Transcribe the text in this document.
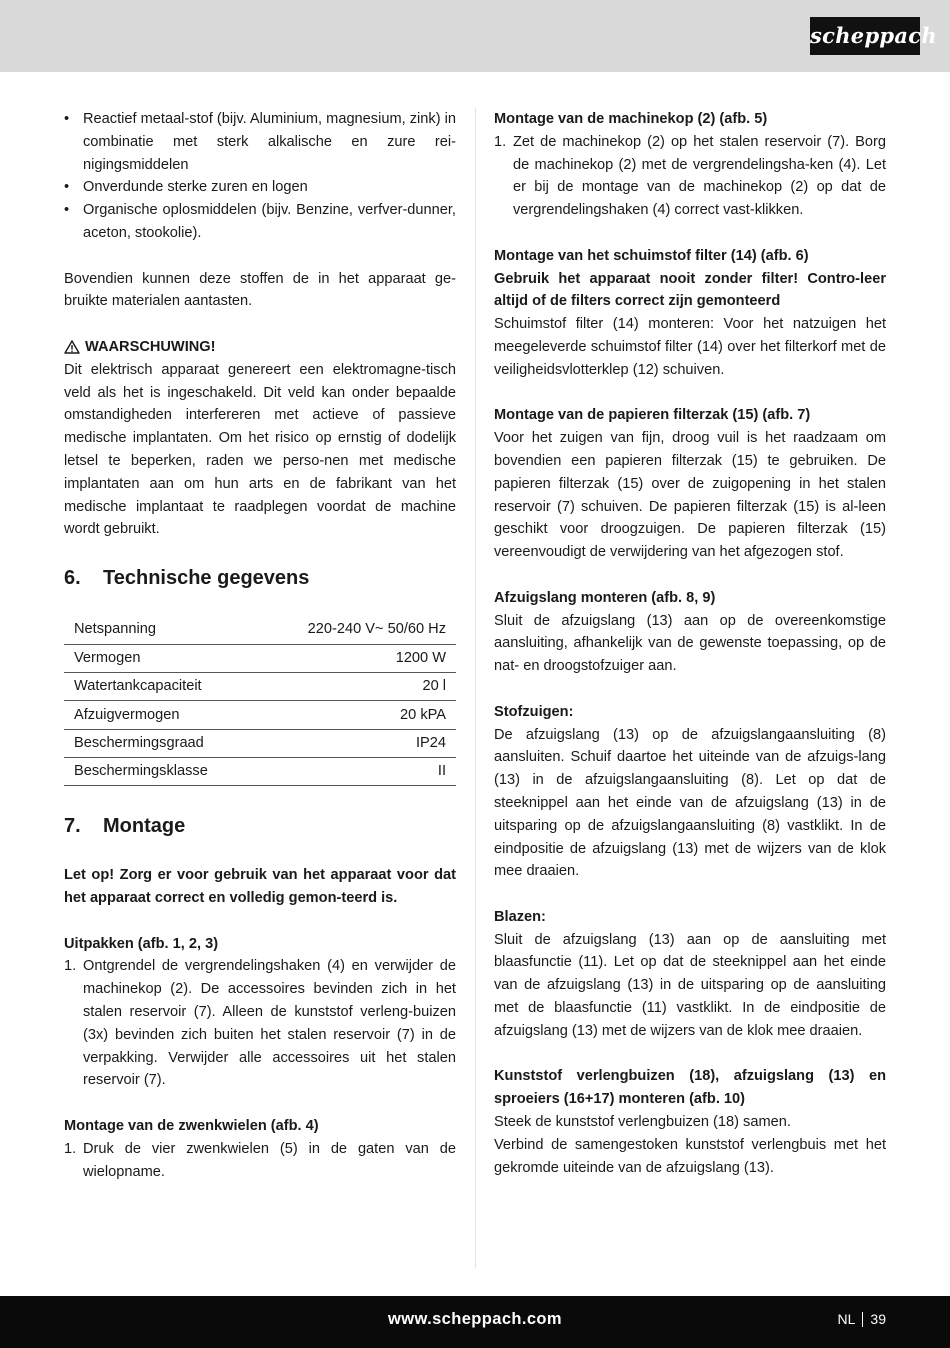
scheppach
• Reactief metaal-stof (bijv. Aluminium, magnesium, zink) in combinatie met sterk alkalische en zure rei-nigingsmiddelen
• Onverdunde sterke zuren en logen
• Organische oplosmiddelen (bijv. Benzine, verfver-dunner, aceton, stookolie).

Bovendien kunnen deze stoffen de in het apparaat ge-bruikte materialen aantasten.

WAARSCHUWING!

Dit elektrisch apparaat genereert een elektromagne-tisch veld als het is ingeschakeld. Dit veld kan onder bepaalde omstandigheden interfereren met actieve of passieve medische implantaten. Om het risico op ernstig of dodelijk letsel te beperken, raden we perso-nen met medische implantaten aan om hun arts en de fabrikant van het medische implantaat te raadplegen voordat de machine wordt gebruikt.

6.	Technische gegevens
Netspanning	220-240 V~ 50/60 Hz
Vermogen	1200 W
Watertankcapaciteit	20 l
Afzuigvermogen	20 kPA
Beschermingsgraad	IP24
Beschermingsklasse	II
7.	Montage

Let op! Zorg er voor gebruik van het apparaat voor dat het apparaat correct en volledig gemon-teerd is.

Uitpakken (afb. 1, 2, 3)
1. Ontgrendel de vergrendelingshaken (4) en verwijder de machinekop (2). De accessoires bevinden zich in het stalen reservoir (7). Alleen de kunststof verleng-buizen (3x) bevinden zich buiten het stalen reservoir (7) in de verpakking. Verwijder alle accessoires uit het stalen reservoir (7).
Montage van de zwenkwielen (afb. 4)
1. Druk de vier zwenkwielen (5) in de gaten van de wielopname.
Montage van de machinekop (2) (afb. 5)
1. Zet de machinekop (2) op het stalen reservoir (7). Borg de machinekop (2) met de vergrendelingsha-ken (4). Let er bij de montage van de machinekop (2) op dat de vergrendelingshaken (4) correct vast-klikken.

Montage van het schuimstof filter (14) (afb. 6)

Gebruik het apparaat nooit zonder filter! Contro-leer altijd of de filters correct zijn gemonteerd

Schuimstof filter (14) monteren: Voor het natzuigen het meegeleverde schuimstof filter (14) over het filterkorf met de veiligheidsvlotterklep (12) schuiven.

Montage van de papieren filterzak (15) (afb. 7)

Voor het zuigen van fijn, droog vuil is het raadzaam om bovendien een papieren filterzak (15) te gebruiken. De papieren filterzak (15) over de zuigopening in het stalen reservoir (7) schuiven. De papieren filterzak (15) is al-leen geschikt voor droogzuigen. De papieren filterzak (15) vereenvoudigt de verwijdering van het afgezogen stof.

Afzuigslang monteren (afb. 8, 9)

Sluit de afzuigslang (13) aan op de overeenkomstige aansluiting, afhankelijk van de gewenste toepassing, op de nat- en droogstofzuiger aan.

Stofzuigen:

De afzuigslang (13) op de afzuigslangaansluiting (8) aansluiten. Schuif daartoe het uiteinde van de afzuigs-lang (13) in de afzuigslangaansluiting (8). Let op dat de steeknippel aan het einde van de afzuigslang (13) in de uitsparing op de afzuigslangaansluiting (8) vastklikt. In de eindpositie de afzuigslang (13) met de wijzers van de klok mee draaien.

Blazen:

Sluit de afzuigslang (13) aan op de aansluiting met blaasfunctie (11). Let op dat de steeknippel aan het einde van de afzuigslang (13) in de uitsparing op de aansluiting met de blaasfunctie (11) vastklikt. In de eindpositie de afzuigslang (13) met de wijzers van de klok mee draaien.

Kunststof verlengbuizen (18), afzuigslang (13) en sproeiers (16+17) monteren (afb. 10)

Steek de kunststof verlengbuizen (18) samen.

Verbind de samengestoken kunststof verlengbuis met het gekromde uiteinde van de afzuigslang (13).

www.scheppach.com	NL 39
